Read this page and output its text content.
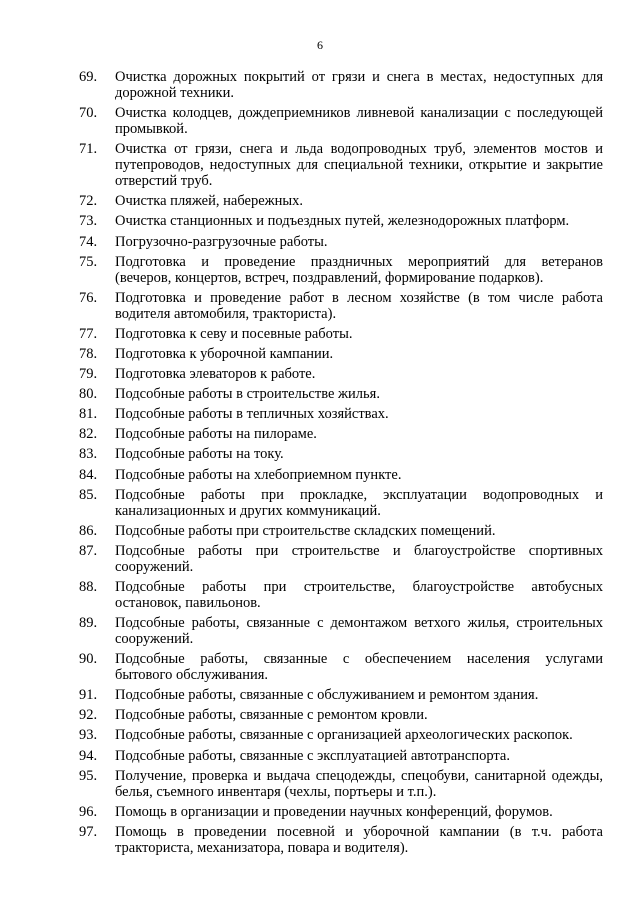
6
69. Очистка дорожных покрытий от грязи и снега в местах, недоступных для
дорожной техники.
70. Очистка колодцев, дождеприемников ливневой канализации с последующей
промывкой.
71. Очистка от грязи, снега и льда водопроводных труб, элементов мостов и
путепроводов, недоступных для специальной техники, открытие и закрытие
отверстий труб.
72. Очистка пляжей, набережных.
73. Очистка станционных и подъездных путей, железнодорожных платформ.
74. Погрузочно-разгрузочные работы.
75. Подготовка и проведение праздничных мероприятий для ветеранов
(вечеров, концертов, встреч, поздравлений, формирование подарков).
76. Подготовка и проведение работ в лесном хозяйстве (в том числе работа
водителя автомобиля, тракториста).
77. Подготовка к севу и посевные работы.
78. Подготовка к уборочной кампании.
79. Подготовка элеваторов к работе.
80. Подсобные работы в строительстве жилья.
81. Подсобные работы в тепличных хозяйствах.
82. Подсобные работы на пилораме.
83. Подсобные работы на току.
84. Подсобные работы на хлебоприемном пункте.
85. Подсобные работы при прокладке, эксплуатации водопроводных и
канализационных и других коммуникаций.
86. Подсобные работы при строительстве складских помещений.
87. Подсобные работы при строительстве и благоустройстве спортивных
сооружений.
88. Подсобные работы при строительстве, благоустройстве автобусных
остановок, павильонов.
89. Подсобные работы, связанные с демонтажом ветхого жилья, строительных
сооружений.
90. Подсобные работы, связанные с обеспечением населения услугами
бытового обслуживания.
91. Подсобные работы, связанные с обслуживанием и ремонтом здания.
92. Подсобные работы, связанные с ремонтом кровли.
93. Подсобные работы, связанные с организацией археологических раскопок.
94. Подсобные работы, связанные с эксплуатацией автотранспорта.
95. Получение, проверка и выдача спецодежды, спецобуви, санитарной одежды,
белья, съемного инвентаря (чехлы, портьеры и т.п.).
96. Помощь в организации и проведении научных конференций, форумов.
97. Помощь в проведении посевной и уборочной кампании (в т.ч. работа
тракториста, механизатора, повара и водителя).
